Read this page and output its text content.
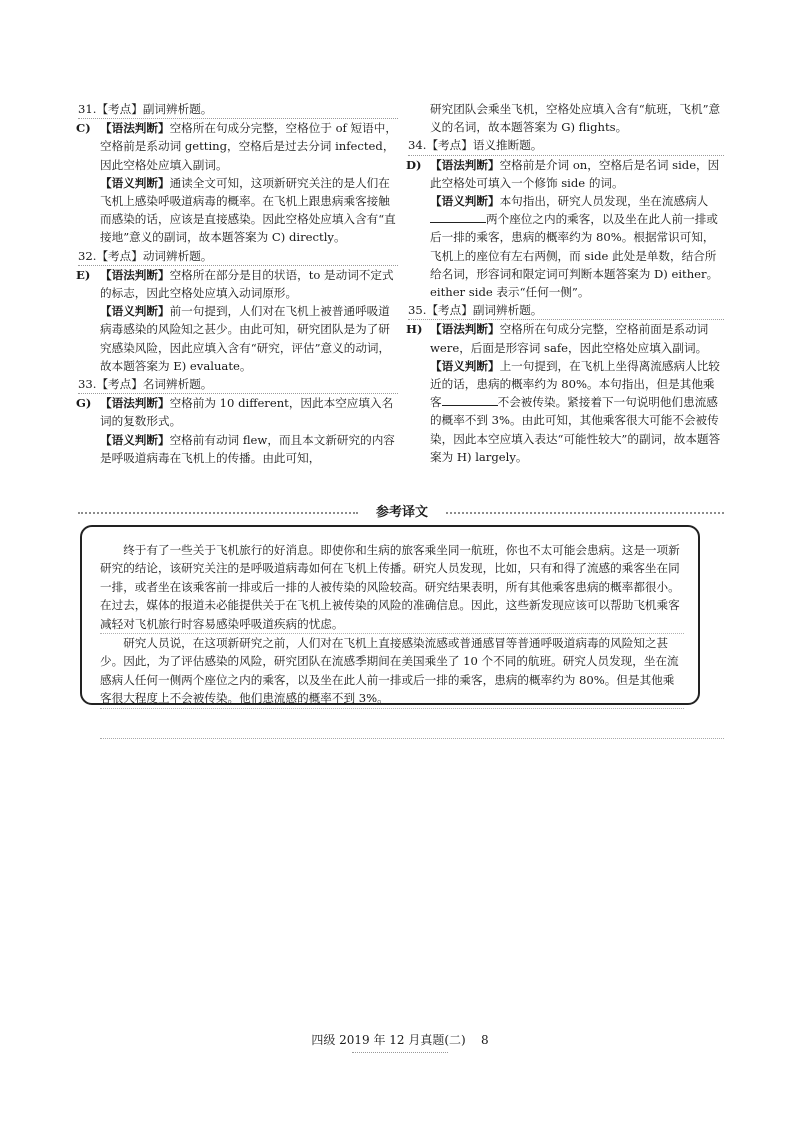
31.【考点】副词辨析题。
C) 【语法判断】空格所在句成分完整，空格位于 of 短语中，空格前是系动词 getting，空格后是过去分词 infected，因此空格处应填入副词。
【语义判断】通读全文可知，这项新研究关注的是人们在飞机上感染呼吸道病毒的概率。在飞机上跟患病乘客接触而感染的话，应该是直接感染。因此空格处应填入含有“直接地”意义的副词，故本题答案为 C) directly。
32.【考点】动词辨析题。
E) 【语法判断】空格所在部分是目的状语，to 是动词不定式的标志，因此空格处应填入动词原形。
【语义判断】前一句提到，人们对在飞机上被普通呼吸道病毒感染的风险知之甚少。由此可知，研究团队是为了研究感染风险，因此应填入含有“研究，评估”意义的动词，故本题答案为 E) evaluate。
33.【考点】名词辨析题。
G) 【语法判断】空格前为 10 different，因此本空应填入名词的复数形式。
【语义判断】空格前有动词 flew，而且本文新研究的内容是呼吸道病毒在飞机上的传播。由此可知，
研究团队会乘坐飞机，空格处应填入含有“航班，飞机”意义的名词，故本题答案为 G) flights。
34.【考点】语义推断题。
D) 【语法判断】空格前是介词 on，空格后是名词 side，因此空格处可填入一个修饰 side 的词。
【语义判断】本句指出，研究人员发现，坐在流感病人两个座位之内的乘客，以及坐在此人前一排或后一排的乘客，患病的概率约为 80%。根据常识可知，飞机上的座位有左右两侧，而 side 此处是单数，结合所给名词，形容词和限定词可判断本题答案为 D) either。either side 表示“任何一侧”。
35.【考点】副词辨析题。
H) 【语法判断】空格所在句成分完整，空格前面是系动词 were，后面是形容词 safe，因此空格处应填入副词。
【语义判断】上一句提到，在飞机上坐得离流感病人比较近的话，患病的概率约为 80%。本句指出，但是其他乘客	不会被传染。紧接着下一句说明他们患流感的概率不到 3%。由此可知，其他乘客很大可能不会被传染，因此本空应填入表达“可能性较大”的副词，故本题答案为 H) largely。
参考译文

终于有了一些关于飞机旅行的好消息。即使你和生病的旅客乘坐同一航班，你也不太可能会患病。这是一项新研究的结论，该研究关注的是呼吸道病毒如何在飞机上传播。研究人员发现，比如，只有和得了流感的乘客坐在同一排，或者坐在该乘客前一排或后一排的人被传染的风险较高。研究结果表明，所有其他乘客患病的概率都很小。在过去，媒体的报道未必能提供关于在飞机上被传染的风险的准确信息。因此，这些新发现应该可以帮助飞机乘客减轻对飞机旅行时容易感染呼吸道疾病的忧虑。

研究人员说，在这项新研究之前，人们对在飞机上直接感染流感或普通感冒等普通呼吸道病毒的风险知之甚少。因此，为了评估感染的风险，研究团队在流感季期间在美国乘坐了 10 个不同的航班。研究人员发现，坐在流感病人任何一侧两个座位之内的乘客，以及坐在此人前一排或后一排的乘客，患病的概率约为 80%。但是其他乘客很大程度上不会被传染。他们患流感的概率不到 3%。

四级 2019 年 12 月真题(二) 8
